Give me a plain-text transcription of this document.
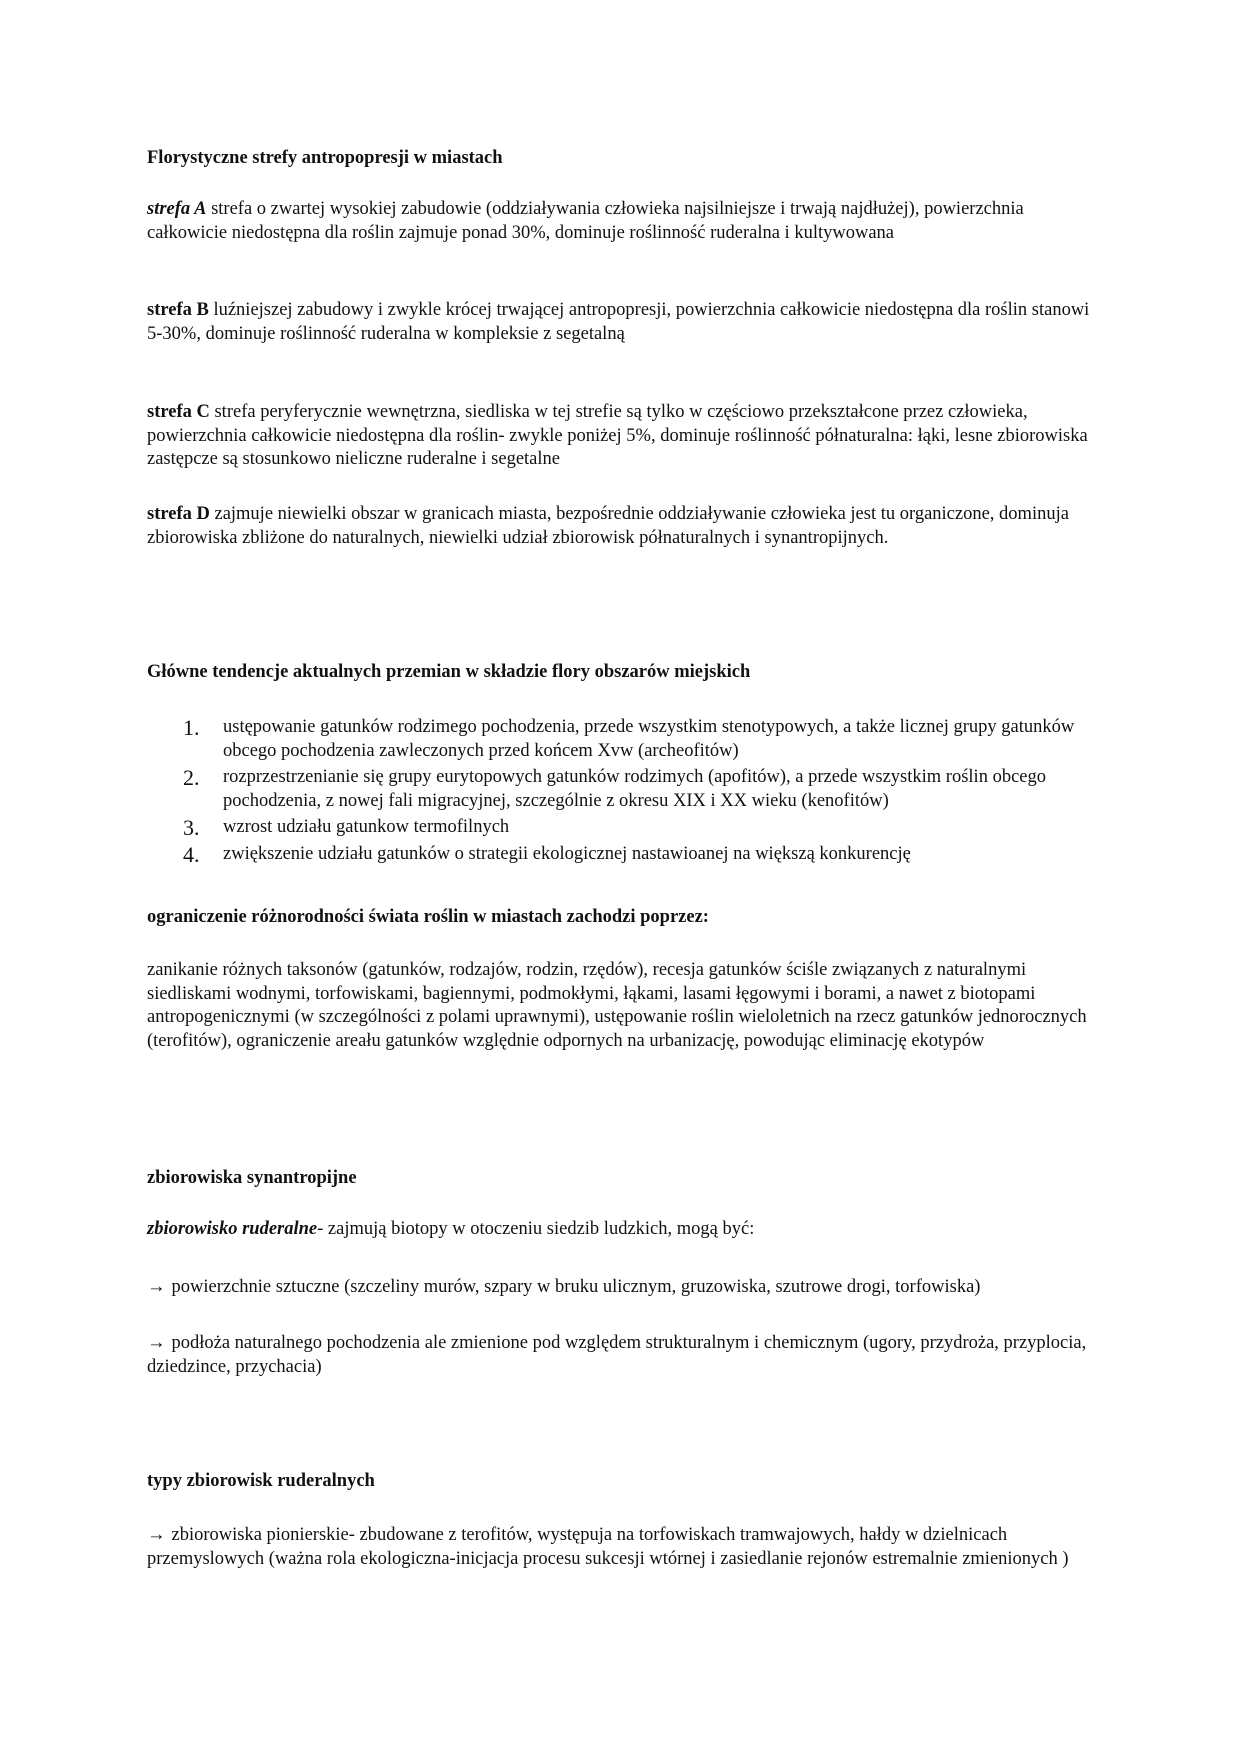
Florystyczne strefy antropopresji w miastach

strefa A strefa o zwartej wysokiej zabudowie (oddziaływania człowieka najsilniejsze i trwają najdłużej), powierzchnia całkowicie niedostępna dla roślin zajmuje ponad 30%, dominuje roślinność ruderalna i kultywowana

strefa B luźniejszej zabudowy i zwykle krócej trwającej antropopresji, powierzchnia całkowicie niedostępna dla roślin stanowi 5-30%, dominuje roślinność ruderalna w kompleksie z segetalną

strefa C strefa peryferycznie wewnętrzna, siedliska w tej strefie są tylko w częściowo przekształcone przez człowieka, powierzchnia całkowicie niedostępna dla roślin- zwykle poniżej 5%, dominuje roślinność półnaturalna: łąki, lesne zbiorowiska zastępcze są stosunkowo nieliczne ruderalne i segetalne

strefa D zajmuje niewielki obszar w granicach miasta, bezpośrednie oddziaływanie człowieka jest tu organiczone, dominuja zbiorowiska zbliżone do naturalnych, niewielki udział zbiorowisk półnaturalnych i synantropijnych.

Główne tendencje aktualnych przemian w składzie flory obszarów miejskich

1. ustępowanie gatunków rodzimego pochodzenia, przede wszystkim stenotypowych, a także licznej grupy gatunków obcego pochodzenia zawleczonych przed końcem Xvw (archeofitów)
2. rozprzestrzenianie się grupy eurytopowych gatunków rodzimych (apofitów), a przede wszystkim roślin obcego pochodzenia, z nowej fali migracyjnej, szczególnie z okresu XIX i XX wieku (kenofitów)
3. wzrost udziału gatunkow termofilnych
4. zwiększenie udziału gatunków o strategii ekologicznej nastawioanej na większą konkurencję

ograniczenie różnorodności świata roślin w miastach zachodzi poprzez:

zanikanie różnych taksonów (gatunków, rodzajów, rodzin, rzędów), recesja gatunków ściśle związanych z naturalnymi siedliskami wodnymi, torfowiskami, bagiennymi, podmokłymi, łąkami, lasami łęgowymi i borami, a nawet z biotopami antropogenicznymi (w szczególności z polami uprawnymi), ustępowanie roślin wieloletnich na rzecz gatunków jednorocznych (terofitów), ograniczenie areału gatunków względnie odpornych na urbanizację, powodując eliminację ekotypów

zbiorowiska synantropijne

zbiorowisko ruderalne- zajmują biotopy w otoczeniu siedzib ludzkich, mogą być:

→ powierzchnie sztuczne (szczeliny murów, szpary w bruku ulicznym, gruzowiska, szutrowe drogi, torfowiska)

→ podłoża naturalnego pochodzenia ale zmienione pod względem strukturalnym i chemicznym (ugory, przydroża, przyplocia, dziedzince, przychacia)

typy zbiorowisk ruderalnych

→ zbiorowiska pionierskie- zbudowane z terofitów, występuja na torfowiskach tramwajowych, hałdy w dzielnicach przemyslowych (ważna rola ekologiczna-inicjacja procesu sukcesji wtórnej i zasiedlanie rejonów estremalnie zmienionych )
